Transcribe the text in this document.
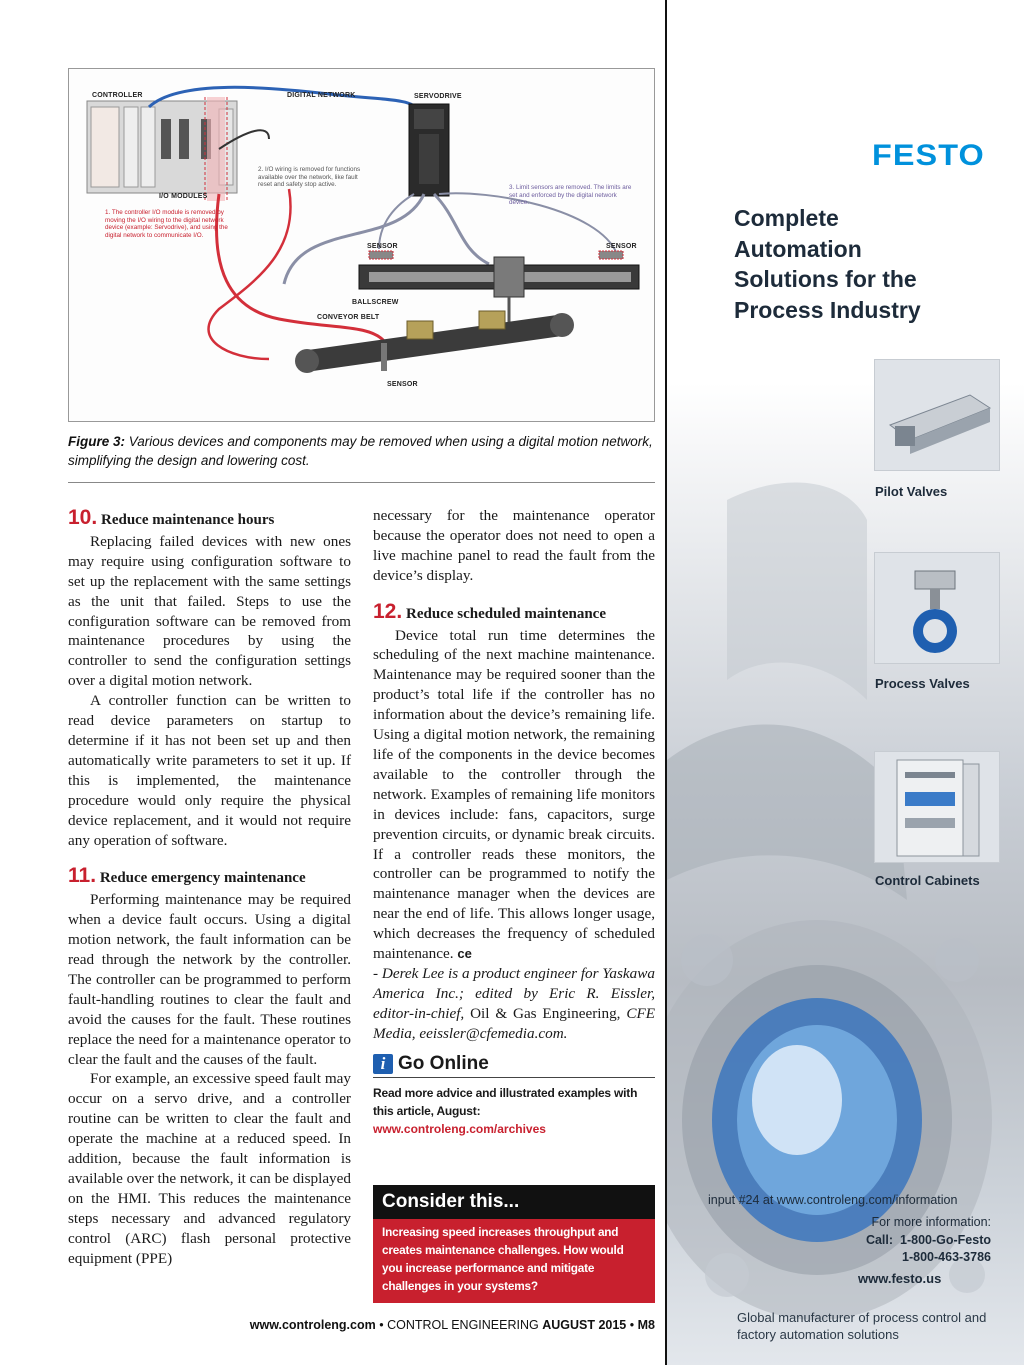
CONTROLLER	DIGITAL NETWORK	SERVODRIVE
I/O MODULES
SENSOR	SENSOR
BALLSCREW
CONVEYOR BELT
SENSOR
1. The controller I/O module is removed by moving the I/O wiring to the digital network device (example: Servodrive), and using the digital network to communicate I/O.
2. I/O wiring is removed for functions available over the network, like fault reset and safety stop active.	3. Limit sensors are removed. The limits are set and enforced by the digital network device.
Figure 3: Various devices and components may be removed when using a digital motion network, simplifying the design and lowering cost.

10. Reduce maintenance hours

Replacing failed devices with new ones may require using configuration software to set up the replacement with the same settings as the unit that failed. Steps to use the configuration software can be removed from maintenance procedures by using the controller to send the configuration settings over a digital motion network.

A controller function can be written to read device parameters on startup to determine if it has not been set up and then automatically write parameters to set it up. If this is implemented, the maintenance procedure would only require the physical device replacement, and it would not require any operation of software.

11. Reduce emergency maintenance

Performing maintenance may be required when a device fault occurs. Using a digital motion network, the fault information can be read through the network by the controller. The controller can be programmed to perform fault-handling routines to clear the fault and avoid the causes for the fault. These routines replace the need for a maintenance operator to clear the fault and the causes of the fault.

For example, an excessive speed fault may occur on a servo drive, and a controller routine can be written to clear the fault and operate the machine at a reduced speed. In addition, because the fault information is available over the network, it can be displayed on the HMI. This reduces the maintenance steps necessary and advanced regulatory control (ARC) flash personal protective equipment (PPE)

necessary for the maintenance operator because the operator does not need to open a live machine panel to read the fault from the device’s display.

12. Reduce scheduled maintenance

Device total run time determines the scheduling of the next machine maintenance. Maintenance may be required sooner than the product’s total life if the controller has no information about the device’s remaining life. Using a digital motion network, the remaining life of the components in the device becomes available to the controller through the network. Examples of remaining life monitors in devices include: fans, capacitors, surge prevention circuits, or dynamic break circuits. If a controller reads these monitors, the controller can be programmed to notify the maintenance manager when the devices are near the end of life. This allows longer usage, which decreases the frequency of scheduled maintenance. ce

- Derek Lee is a product engineer for Yaskawa America Inc.; edited by Eric R. Eissler, editor-in-chief, Oil & Gas Engineering, CFE Media, eeissler@cfemedia.com.

i Go Online
Read more advice and illustrated examples with this article, August:
www.controleng.com/archives
Consider this...
Increasing speed increases throughput and creates maintenance challenges. How would you increase performance and mitigate challenges in your systems?
www.controleng.com • CONTROL ENGINEERING AUGUST 2015 • M8
FESTO
Complete Automation Solutions for the Process Industry
Pilot Valves
Process Valves
Control Cabinets
input #24 at www.controleng.com/information
For more information:
Call: 1-800-Go-Festo
1-800-463-3786
www.festo.us
Global manufacturer of process control and factory automation solutions
